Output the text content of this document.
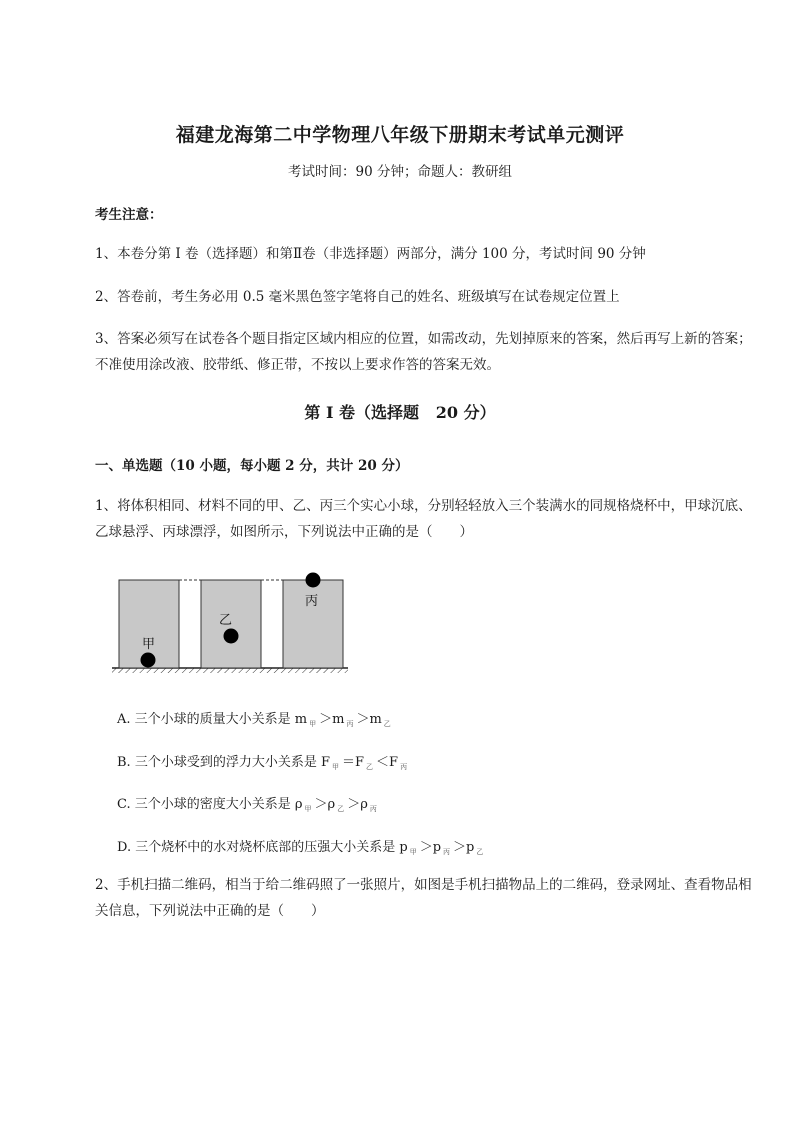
福建龙海第二中学物理八年级下册期末考试单元测评
考试时间：90 分钟；命题人：教研组
考生注意：
1、本卷分第 I 卷（选择题）和第Ⅱ卷（非选择题）两部分，满分 100 分，考试时间 90 分钟
2、答卷前，考生务必用 0.5 毫米黑色签字笔将自己的姓名、班级填写在试卷规定位置上
3、答案必须写在试卷各个题目指定区域内相应的位置，如需改动，先划掉原来的答案，然后再写上新的答案；不准使用涂改液、胶带纸、修正带，不按以上要求作答的答案无效。
第 I 卷（选择题   20 分）
一、单选题（10 小题，每小题 2 分，共计 20 分）
1、将体积相同、材料不同的甲、乙、丙三个实心小球，分别轻轻放入三个装满水的同规格烧杯中，甲球沉底、乙球悬浮、丙球漂浮，如图所示，下列说法中正确的是（　　）
甲
乙
丙
A. 三个小球的质量大小关系是 m $_甲$ ＞m $_丙$ ＞m $_乙$
B. 三个小球受到的浮力大小关系是 F $_甲$ ＝F $_乙$ ＜F $_丙$
C. 三个小球的密度大小关系是 ρ $_甲$ ＞ρ $_乙$ ＞ρ $_丙$
D. 三个烧杯中的水对烧杯底部的压强大小关系是 p $_甲$ ＞p $_丙$ ＞p $_乙$
2、手机扫描二维码，相当于给二维码照了一张照片，如图是手机扫描物品上的二维码，登录网址、查看物品相关信息，下列说法中正确的是（　　）
